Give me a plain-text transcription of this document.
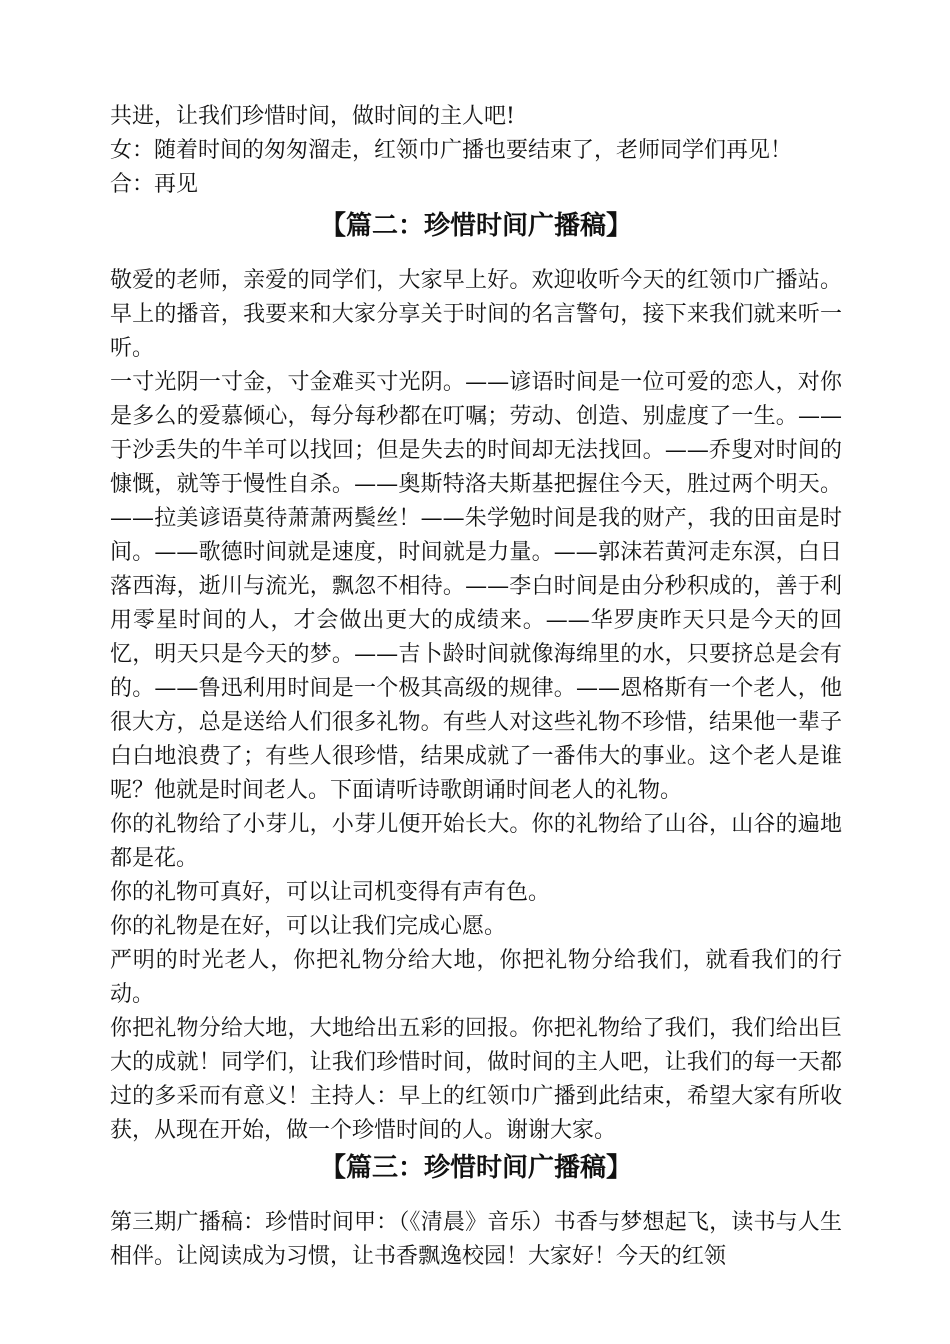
共进，让我们珍惜时间，做时间的主人吧!

女：随着时间的匆匆溜走，红领巾广播也要结束了，老师同学们再见！

合：再见

【篇二：珍惜时间广播稿】

敬爱的老师，亲爱的同学们，大家早上好。欢迎收听今天的红领巾广播站。早上的播音，我要来和大家分享关于时间的名言警句，接下来我们就来听一听。

一寸光阴一寸金，寸金难买寸光阴。——谚语时间是一位可爱的恋人，对你是多么的爱慕倾心，每分每秒都在叮嘱；劳动、创造、别虚度了一生。——于沙丢失的牛羊可以找回；但是失去的时间却无法找回。——乔叟对时间的慷慨，就等于慢性自杀。——奥斯特洛夫斯基把握住今天，胜过两个明天。——拉美谚语莫待萧萧两鬓丝！——朱学勉时间是我的财产，我的田亩是时间。——歌德时间就是速度，时间就是力量。——郭沫若黄河走东溟，白日落西海，逝川与流光，飘忽不相待。——李白时间是由分秒积成的，善于利用零星时间的人，才会做出更大的成绩来。——华罗庚昨天只是今天的回忆，明天只是今天的梦。——吉卜龄时间就像海绵里的水，只要挤总是会有的。——鲁迅利用时间是一个极其高级的规律。——恩格斯有一个老人，他很大方，总是送给人们很多礼物。有些人对这些礼物不珍惜，结果他一辈子白白地浪费了；有些人很珍惜，结果成就了一番伟大的事业。这个老人是谁呢？他就是时间老人。下面请听诗歌朗诵时间老人的礼物。

你的礼物给了小芽儿，小芽儿便开始长大。你的礼物给了山谷，山谷的遍地都是花。

你的礼物可真好，可以让司机变得有声有色。

你的礼物是在好，可以让我们完成心愿。

严明的时光老人，你把礼物分给大地，你把礼物分给我们，就看我们的行动。

你把礼物分给大地，大地给出五彩的回报。你把礼物给了我们，我们给出巨大的成就！同学们，让我们珍惜时间，做时间的主人吧，让我们的每一天都过的多采而有意义！主持人：早上的红领巾广播到此结束，希望大家有所收获，从现在开始，做一个珍惜时间的人。谢谢大家。

【篇三：珍惜时间广播稿】

第三期广播稿：珍惜时间甲：（《清晨》音乐）书香与梦想起飞，读书与人生相伴。让阅读成为习惯，让书香飘逸校园！大家好！今天的红领
